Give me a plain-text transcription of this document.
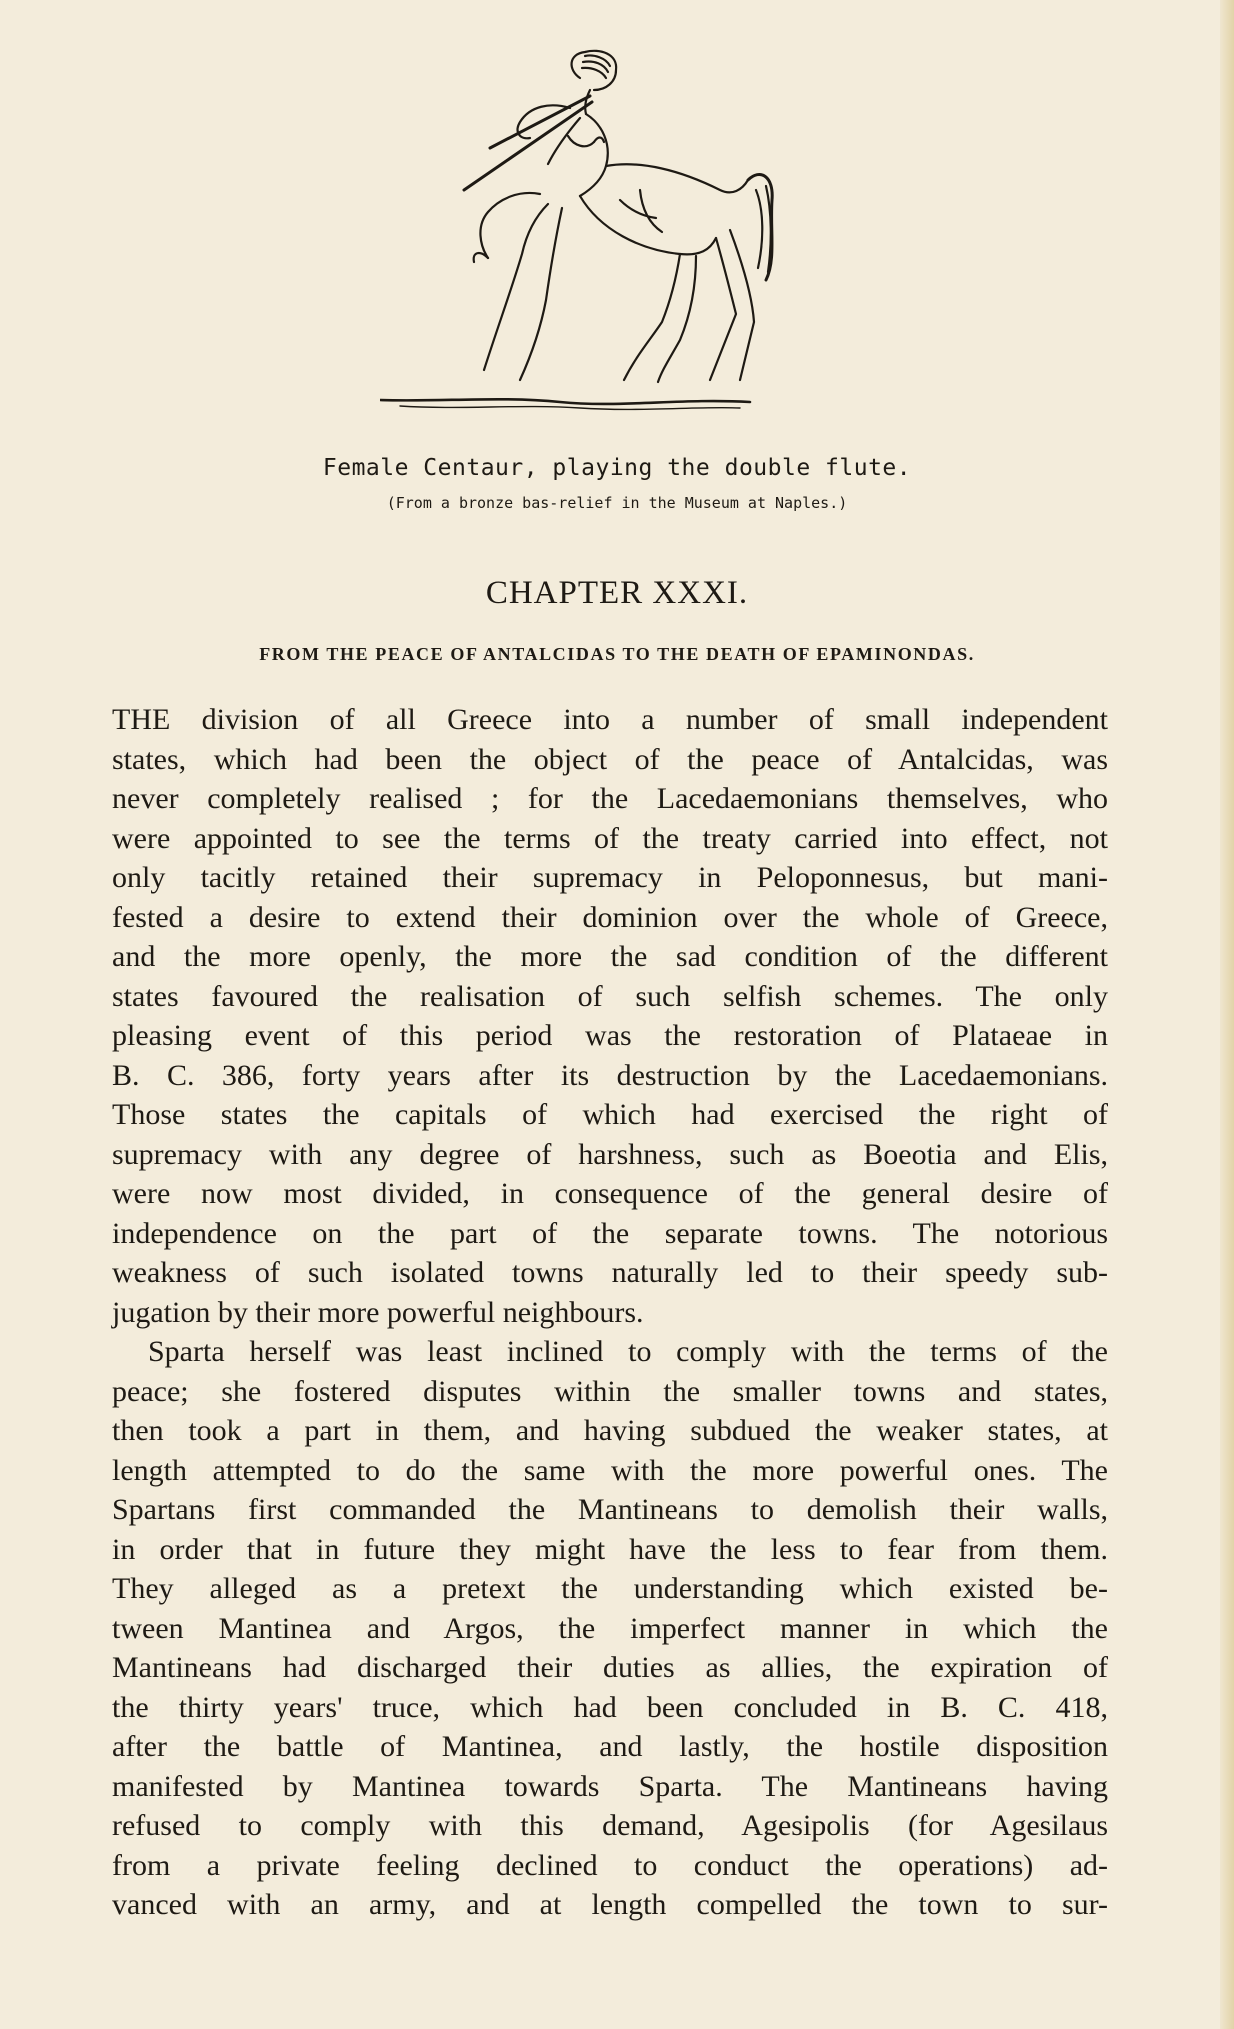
Female Centaur, playing the double flute.
(From a bronze bas-relief in the Museum at Naples.)
CHAPTER XXXI.
FROM THE PEACE OF ANTALCIDAS TO THE DEATH OF EPAMINONDAS.
THE division of all Greece into a number of small independent
states, which had been the object of the peace of Antalcidas, was
never completely realised ; for the Lacedaemonians themselves, who
were appointed to see the terms of the treaty carried into effect, not
only tacitly retained their supremacy in Peloponnesus, but mani-
fested a desire to extend their dominion over the whole of Greece,
and the more openly, the more the sad condition of the different
states favoured the realisation of such selfish schemes. The only
pleasing event of this period was the restoration of Plataeae in
B. C. 386, forty years after its destruction by the Lacedaemonians.
Those states the capitals of which had exercised the right of
supremacy with any degree of harshness, such as Boeotia and Elis,
were now most divided, in consequence of the general desire of
independence on the part of the separate towns. The notorious
weakness of such isolated towns naturally led to their speedy sub-
jugation by their more powerful neighbours.
Sparta herself was least inclined to comply with the terms of the
peace; she fostered disputes within the smaller towns and states,
then took a part in them, and having subdued the weaker states, at
length attempted to do the same with the more powerful ones. The
Spartans first commanded the Mantineans to demolish their walls,
in order that in future they might have the less to fear from them.
They alleged as a pretext the understanding which existed be-
tween Mantinea and Argos, the imperfect manner in which the
Mantineans had discharged their duties as allies, the expiration of
the thirty years' truce, which had been concluded in B. C. 418,
after the battle of Mantinea, and lastly, the hostile disposition
manifested by Mantinea towards Sparta. The Mantineans having
refused to comply with this demand, Agesipolis (for Agesilaus
from a private feeling declined to conduct the operations) ad-
vanced with an army, and at length compelled the town to sur-
